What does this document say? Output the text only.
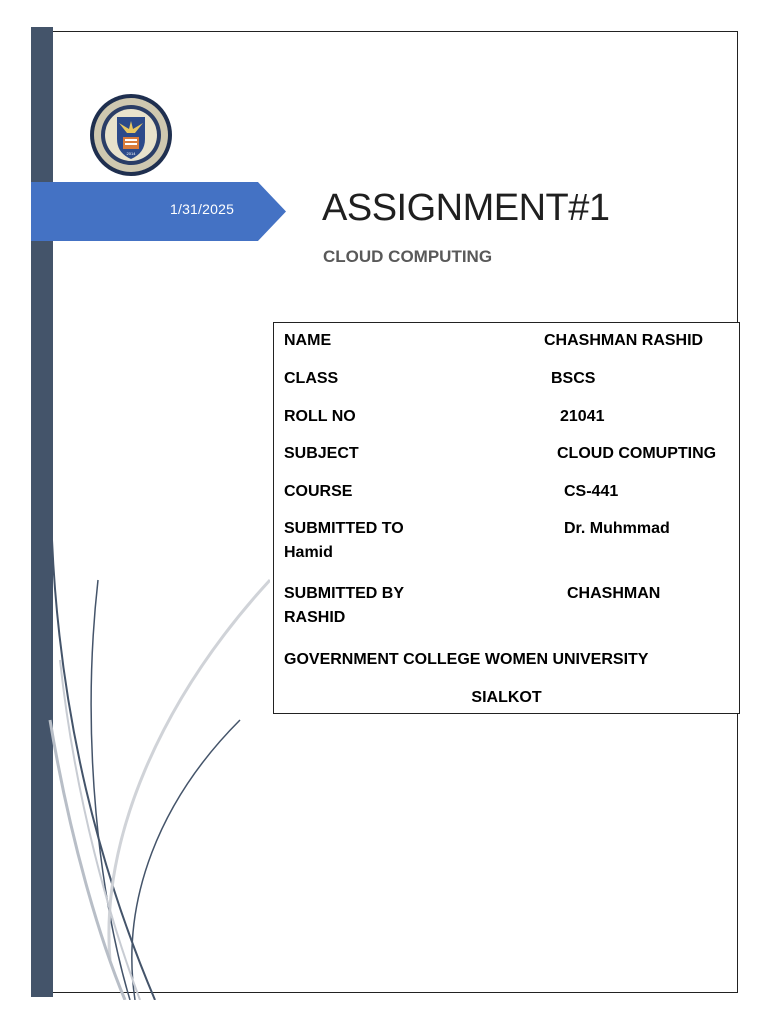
2014
1/31/2025	ASSIGNMENT#1
CLOUD COMPUTING
NAME	CHASHMAN RASHID
CLASS	BSCS
ROLL NO	21041
SUBJECT	CLOUD COMUPTING
COURSE	CS-441
SUBMITTED TO	Dr. Muhmmad
Hamid
SUBMITTED BY	CHASHMAN
RASHID
GOVERNMENT COLLEGE WOMEN UNIVERSITY
SIALKOT
